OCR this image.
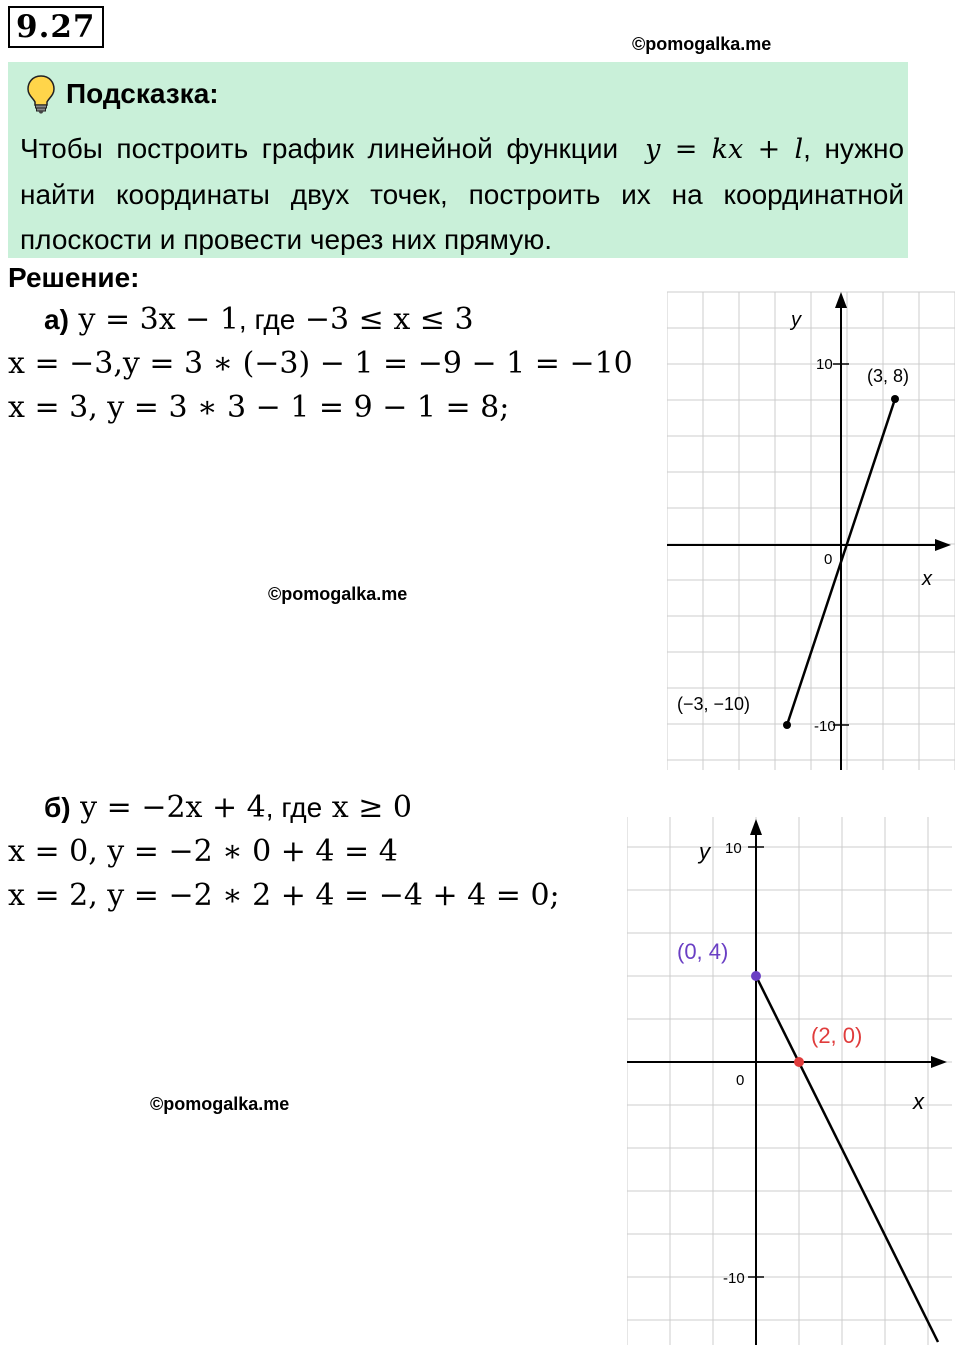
9.27	©pomogalka.me
Подсказка:
Чтобы построить график линейной функции y = kx + l, нужно найти координаты двух точек, построить их на координатной плоскости и провести через них прямую.
Решение:
а) y = 3x − 1, где −3 ≤ x ≤ 3
x = −3,y = 3 ∗ (−3) − 1 = −9 − 1 = −10
x = 3, y = 3 ∗ 3 − 1 = 9 − 1 = 8;
©pomogalka.me
y
10
0
x
-10
(−3, −10)
(3, 8)
б) y = −2x + 4, где x ≥ 0
x = 0, y = −2 ∗ 0 + 4 = 4
x = 2, y = −2 ∗ 2 + 4 = −4 + 4 = 0;
©pomogalka.me
y 10
0
x
-10
(0, 4)
(2, 0)
